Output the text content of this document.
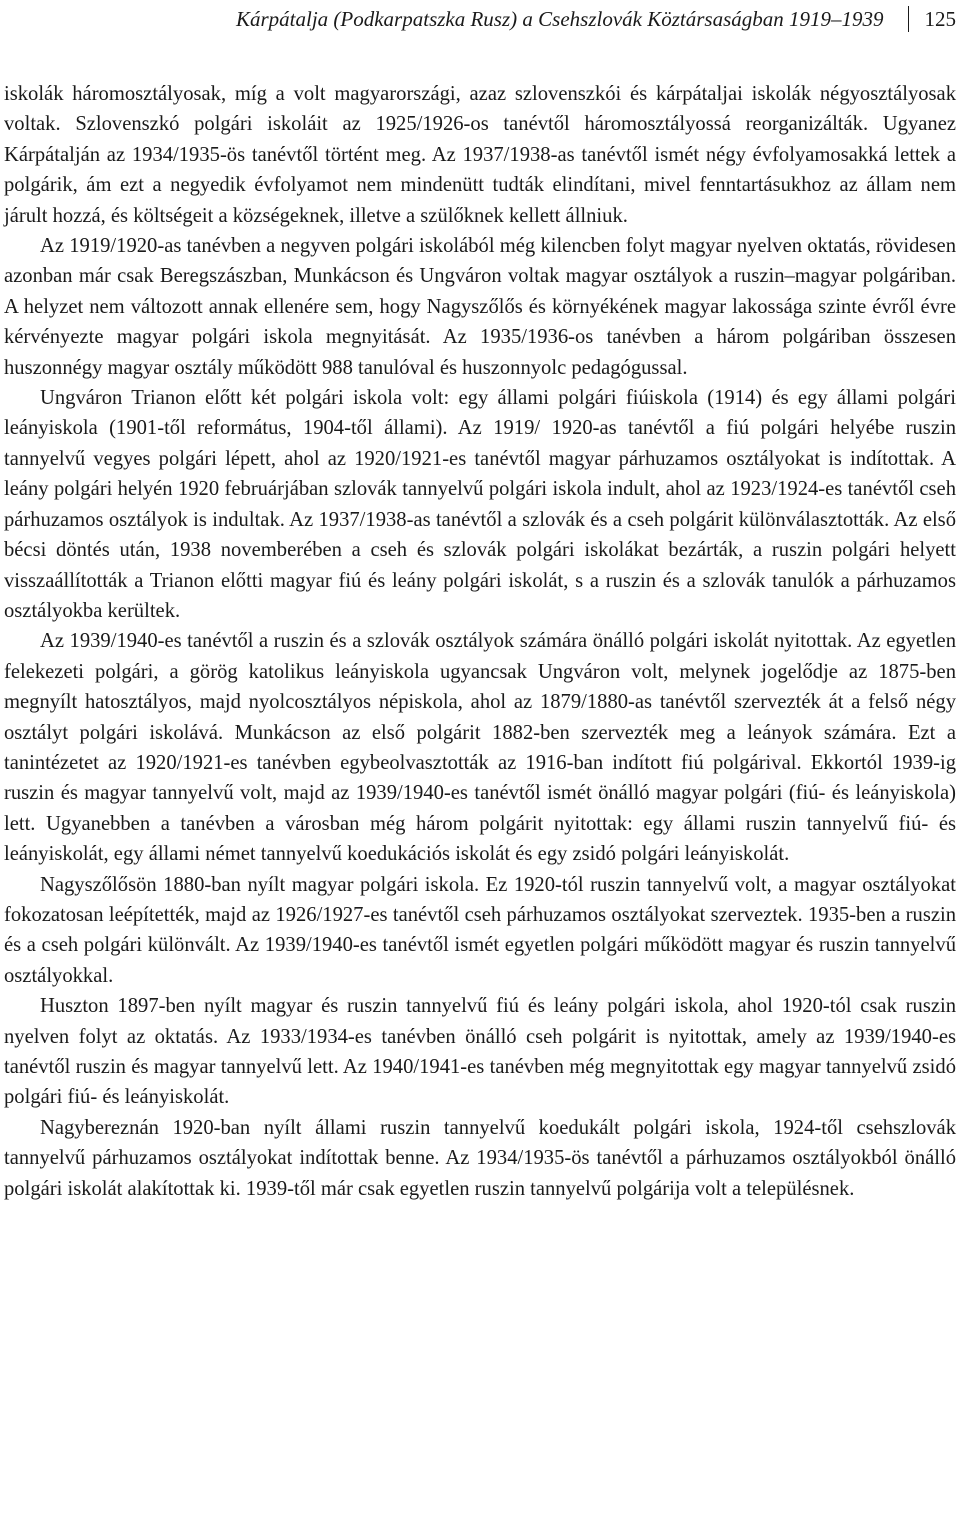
Kárpátalja (Podkarpatszka Rusz) a Csehszlovák Köztársaságban 1919–1939 125

iskolák háromosztályosak, míg a volt magyarországi, azaz szlovenszkói és kárpátaljai iskolák négyosztályosak voltak. Szlovenszkó polgári iskoláit az 1925/1926-os tanévtől háromosztályossá reorganizálták. Ugyanez Kárpátalján az 1934/1935-ös tanévtől történt meg. Az 1937/1938-as tanévtől ismét négy évfolyamosakká lettek a polgárik, ám ezt a negyedik évfolyamot nem mindenütt tudták elindítani, mivel fenntartásukhoz az állam nem járult hozzá, és költségeit a községeknek, illetve a szülőknek kellett állniuk.

Az 1919/1920-as tanévben a negyven polgári iskolából még kilencben folyt magyar nyelven oktatás, rövidesen azonban már csak Beregszászban, Munkácson és Ungváron voltak magyar osztályok a ruszin–magyar polgáriban. A helyzet nem változott annak ellenére sem, hogy Nagyszőlős és környékének magyar lakossága szinte évről évre kérvényezte magyar polgári iskola megnyitását. Az 1935/1936-os tanévben a három polgáriban összesen huszonnégy magyar osztály működött 988 tanulóval és huszonnyolc pedagógussal.

Ungváron Trianon előtt két polgári iskola volt: egy állami polgári fiúiskola (1914) és egy állami polgári leányiskola (1901-től református, 1904-től állami). Az 1919/ 1920-as tanévtől a fiú polgári helyébe ruszin tannyelvű vegyes polgári lépett, ahol az 1920/1921-es tanévtől magyar párhuzamos osztályokat is indítottak. A leány polgári helyén 1920 februárjában szlovák tannyelvű polgári iskola indult, ahol az 1923/1924-es tanévtől cseh párhuzamos osztályok is indultak. Az 1937/1938-as tanévtől a szlovák és a cseh polgárit különválasztották. Az első bécsi döntés után, 1938 novemberében a cseh és szlovák polgári iskolákat bezárták, a ruszin polgári helyett visszaállították a Trianon előtti magyar fiú és leány polgári iskolát, s a ruszin és a szlovák tanulók a párhuzamos osztályokba kerültek.

Az 1939/1940-es tanévtől a ruszin és a szlovák osztályok számára önálló polgári iskolát nyitottak. Az egyetlen felekezeti polgári, a görög katolikus leányiskola ugyancsak Ungváron volt, melynek jogelődje az 1875-ben megnyílt hatosztályos, majd nyolcosztályos népiskola, ahol az 1879/1880-as tanévtől szervezték át a felső négy osztályt polgári iskolává. Munkácson az első polgárit 1882-ben szervezték meg a leányok számára. Ezt a tanintézetet az 1920/1921-es tanévben egybeolvasztották az 1916-ban indított fiú polgárival. Ekkortól 1939-ig ruszin és magyar tannyelvű volt, majd az 1939/1940-es tanévtől ismét önálló magyar polgári (fiú- és leányiskola) lett. Ugyanebben a tanévben a városban még három polgárit nyitottak: egy állami ruszin tannyelvű fiú- és leányiskolát, egy állami német tannyelvű koedukációs iskolát és egy zsidó polgári leányiskolát.

Nagyszőlősön 1880-ban nyílt magyar polgári iskola. Ez 1920-tól ruszin tannyelvű volt, a magyar osztályokat fokozatosan leépítették, majd az 1926/1927-es tanévtől cseh párhuzamos osztályokat szerveztek. 1935-ben a ruszin és a cseh polgári különvált. Az 1939/1940-es tanévtől ismét egyetlen polgári működött magyar és ruszin tannyelvű osztályokkal.

Huszton 1897-ben nyílt magyar és ruszin tannyelvű fiú és leány polgári iskola, ahol 1920-tól csak ruszin nyelven folyt az oktatás. Az 1933/1934-es tanévben önálló cseh polgárit is nyitottak, amely az 1939/1940-es tanévtől ruszin és magyar tannyelvű lett. Az 1940/1941-es tanévben még megnyitottak egy magyar tannyelvű zsidó polgári fiú- és leányiskolát.

Nagybereznán 1920-ban nyílt állami ruszin tannyelvű koedukált polgári iskola, 1924-től csehszlovák tannyelvű párhuzamos osztályokat indítottak benne. Az 1934/1935-ös tanévtől a párhuzamos osztályokból önálló polgári iskolát alakítottak ki. 1939-től már csak egyetlen ruszin tannyelvű polgárija volt a településnek.
